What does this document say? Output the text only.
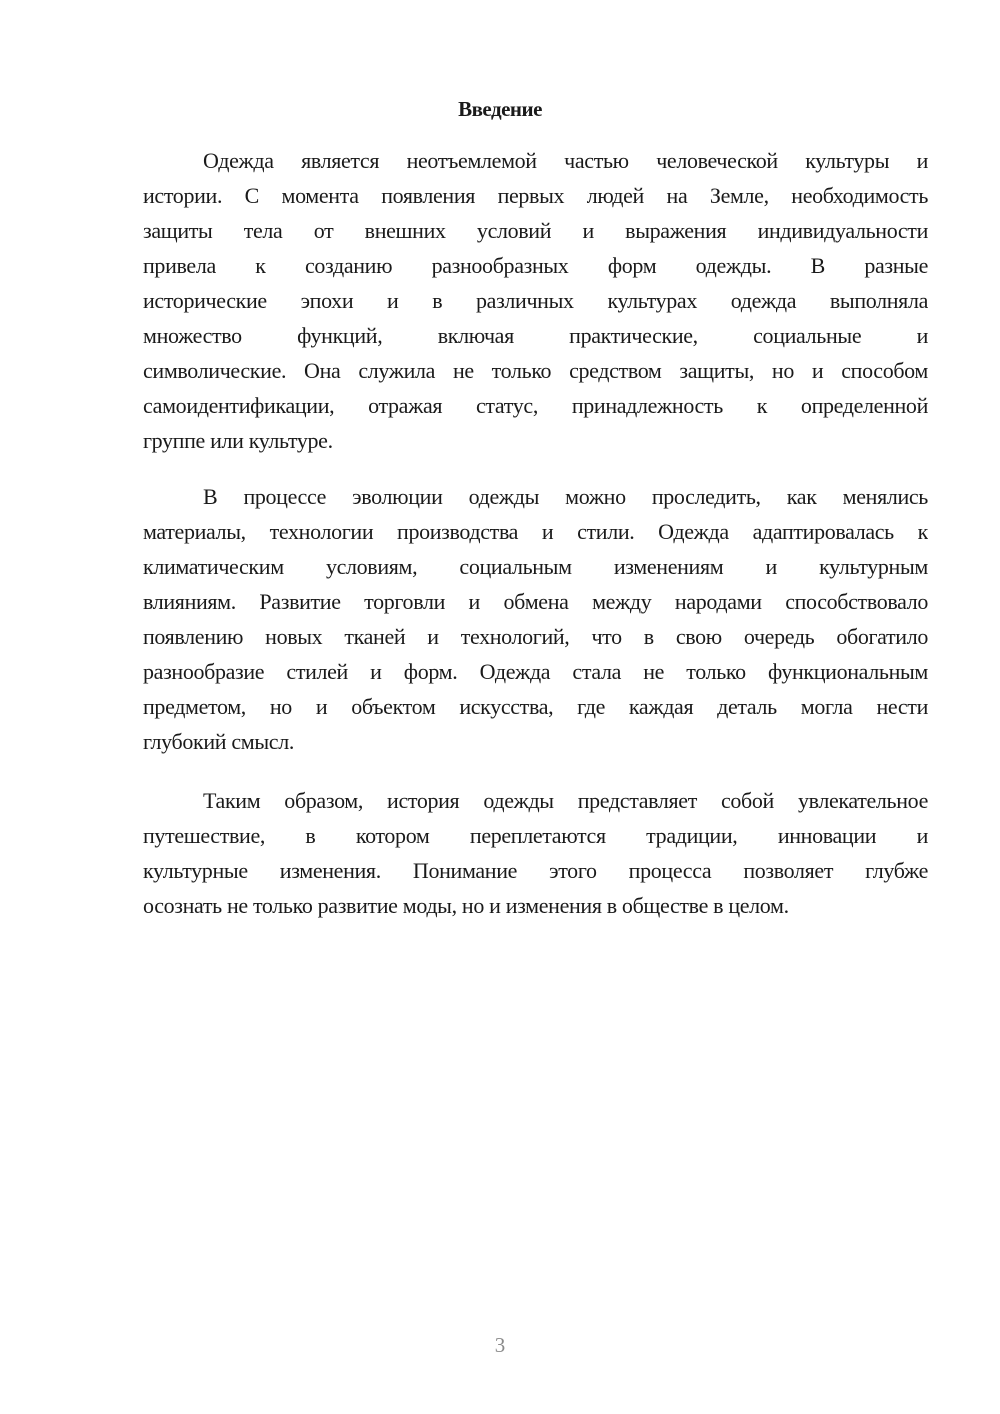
Введение
Одежда является неотъемлемой частью человеческой культуры и
истории. С момента появления первых людей на Земле, необходимость
защиты тела от внешних условий и выражения индивидуальности
привела к созданию разнообразных форм одежды. В разные
исторические эпохи и в различных культурах одежда выполняла
множество функций, включая практические, социальные и
символические. Она служила не только средством защиты, но и способом
самоидентификации, отражая статус, принадлежность к определенной
группе или культуре.
В процессе эволюции одежды можно проследить, как менялись
материалы, технологии производства и стили. Одежда адаптировалась к
климатическим условиям, социальным изменениям и культурным
влияниям. Развитие торговли и обмена между народами способствовало
появлению новых тканей и технологий, что в свою очередь обогатило
разнообразие стилей и форм. Одежда стала не только функциональным
предметом, но и объектом искусства, где каждая деталь могла нести
глубокий смысл.
Таким образом, история одежды представляет собой увлекательное
путешествие, в котором переплетаются традиции, инновации и
культурные изменения. Понимание этого процесса позволяет глубже
осознать не только развитие моды, но и изменения в обществе в целом.
3
